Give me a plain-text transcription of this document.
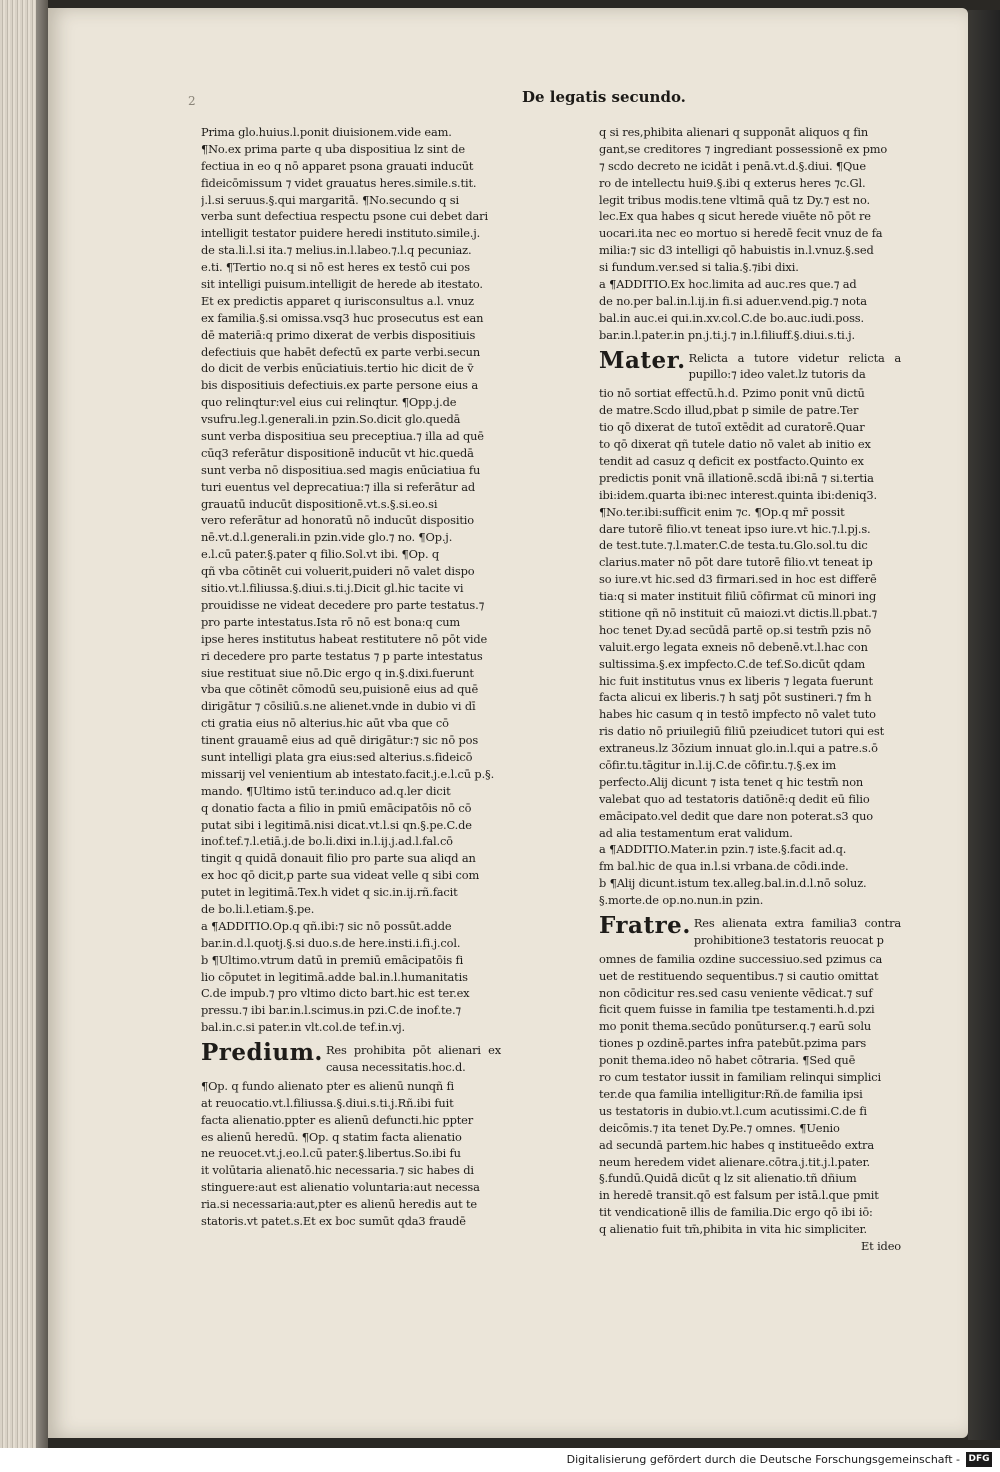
De legatis secundo.
2
Prima glo.huius.l.ponit diuisionem.vide eam.
¶No.ex prima parte q uba dispositiua lz sint de
fectiua in eo q nō apparet psona grauati inducūt
fideicōmissum ⁊ videt grauatus heres.simile.s.tit.
j.l.si seruus.§.qui margaritā. ¶No.secundo q si
verba sunt defectiua respectu psone cui debet dari
intelligit testator puidere heredi instituto.simile.j.
de sta.li.l.si ita.⁊ melius.in.l.labeo.⁊.l.q pecuniaz.
e.ti. ¶Tertio no.q si nō est heres ex testō cui pos
sit intelligi puisum.intelligit de herede ab itestato.
Et ex predictis apparet q iurisconsultus a.l. vnuz
ex familia.§.si omissa.vsq3 huc prosecutus est ean
dē materiā:q primo dixerat de verbis dispositiuis
defectiuis que habēt defectū ex parte verbi.secun
do dicit de verbis enūciatiuis.tertio hic dicit de v̄
bis dispositiuis defectiuis.ex parte persone eius a
quo relinqtur:vel eius cui relinqtur. ¶Opp.j.de
vsufru.leg.l.generali.in pzin.So.dicit glo.quedā
sunt verba dispositiua seu preceptiua.⁊ illa ad quē
cūq3 referātur dispositionē inducūt vt hic.quedā
sunt verba nō dispositiua.sed magis enūciatiua fu
turi euentus vel deprecatiua:⁊ illa si referātur ad
grauatū inducūt dispositionē.vt.s.§.si.eo.si
vero referātur ad honoratū nō inducūt dispositio
nē.vt.d.l.generali.in pzin.vide glo.⁊ no. ¶Op.j.
e.l.cū pater.§.pater q filio.Sol.vt ibi. ¶Op. q
qñ vba cōtinēt cui voluerit,puideri nō valet dispo
sitio.vt.l.filiussa.§.diui.s.ti.j.Dicit gl.hic tacite vi
prouidisse ne videat decedere pro parte testatus.⁊
pro parte intestatus.Ista rō nō est bona:q cum
ipse heres institutus habeat restitutere nō pōt vide
ri decedere pro parte testatus ⁊ p parte intestatus
siue restituat siue nō.Dic ergo q in.§.dixi.fuerunt
vba que cōtinēt cōmodū seu,puisionē eius ad quē
dirigātur ⁊ cōsiliū.s.ne alienet.vnde in dubio vi dī
cti gratia eius nō alterius.hic aūt vba que cō
tinent grauamē eius ad quē dirigātur:⁊ sic nō pos
sunt intelligi plata gra eius:sed alterius.s.fideicō
missarij vel venientium ab intestato.facit.j.e.l.cū p.§.
mando. ¶Ultimo istū ter.induco ad.q.ler dicit
q donatio facta a filio in pmiū emācipatōis nō cō
putat sibi i legitimā.nisi dicat.vt.l.si qn.§.pe.C.de
inof.tef.⁊.l.etiā.j.de bo.li.dixi in.l.ij.j.ad.l.fal.cō
tingit q quidā donauit filio pro parte sua aliqd an
ex hoc qō dicit,p parte sua videat velle q sibi com
putet in legitimā.Tex.h videt q sic.in.ij.rñ.facit
de bo.li.l.etiam.§.pe.
a ¶ADDITIO.Op.q qñ.ibi:⁊ sic nō possūt.adde
bar.in.d.l.quotj.§.si duo.s.de here.insti.i.fi.j.col.
b ¶Ultimo.vtrum datū in premiū emācipatōis fi
lio cōputet in legitimā.adde bal.in.l.humanitatis
C.de impub.⁊ pro vltimo dicto bart.hic est ter.ex
pressu.⁊ ibi bar.in.l.scimus.in pzi.C.de inof.te.⁊
bal.in.c.si pater.in vlt.col.de tef.in.vj.
Predium. Res prohibita pōt alienari ex causa necessitatis.hoc.d.
¶Op. q fundo alienato pter es alienū nunqñ fi
at reuocatio.vt.l.filiussa.§.diui.s.ti.j.Rñ.ibi fuit
facta alienatio.ppter es alienū defuncti.hic ppter
es alienū heredū. ¶Op. q statim facta alienatio
ne reuocet.vt.j.eo.l.cū pater.§.libertus.So.ibi fu
it volūtaria alienatō.hic necessaria.⁊ sic habes di
stinguere:aut est alienatio voluntaria:aut necessa
ria.si necessaria:aut,pter es alienū heredis aut te
statoris.vt patet.s.Et ex boc sumūt qda3 fraudē
q si res,phibita alienari q supponāt aliquos q fin
gant,se creditores ⁊ ingrediant possessionē ex pmo
⁊ scdo decreto ne icidāt i penā.vt.d.§.diui. ¶Que
ro de intellectu hui9.§.ibi q exterus heres ⁊c.Gl.
legit tribus modis.tene vltimā quā tz Dy.⁊ est no.
lec.Ex qua habes q sicut herede viuēte nō pōt re
uocari.ita nec eo mortuo si heredē fecit vnuz de fa
milia:⁊ sic d3 intelligi qō habuistis in.l.vnuz.§.sed
si fundum.ver.sed si talia.§.⁊ibi dixi.
a ¶ADDITIO.Ex hoc.limita ad auc.res que.⁊ ad
de no.per bal.in.l.ij.in fi.si aduer.vend.pig.⁊ nota
bal.in auc.ei qui.in.xv.col.C.de bo.auc.iudi.poss.
bar.in.l.pater.in pn.j.ti.j.⁊ in.l.filiuff.§.diui.s.ti.j.
Mater. Relicta a tutore videtur relicta a pupillo:⁊ ideo valet.lz tutoris da
tio nō sortiat effectū.h.d. Pzimo ponit vnū dictū
de matre.Scdo illud,pbat p simile de patre.Ter
tio qō dixerat de tutoī extēdit ad curatorē.Quar
to qō dixerat qñ tutele datio nō valet ab initio ex
tendit ad casuz q deficit ex postfacto.Quinto ex
predictis ponit vnā illationē.scdā ibi:nā ⁊ si.tertia
ibi:idem.quarta ibi:nec interest.quinta ibi:deniq3.
¶No.ter.ibi:sufficit enim ⁊c. ¶Op.q mr̄ possit
dare tutorē filio.vt teneat ipso iure.vt hic.⁊.l.pj.s.
de test.tute.⁊.l.mater.C.de testa.tu.Glo.sol.tu dic
clarius.mater nō pōt dare tutorē filio.vt teneat ip
so iure.vt hic.sed d3 firmari.sed in hoc est differē
tia:q si mater instituit filiū cōfirmat cū minori ing
stitione qñ nō instituit cū maiozi.vt dictis.ll.pbat.⁊
hoc tenet Dy.ad secūdā partē op.si testm̄ pzis nō
valuit.ergo legata exneis nō debenē.vt.l.hac con
sultissima.§.ex impfecto.C.de tef.So.dicūt qdam
hic fuit institutus vnus ex liberis ⁊ legata fuerunt
facta alicui ex liberis.⁊ h satj pōt sustineri.⁊ fm h
habes hic casum q in testō impfecto nō valet tuto
ris datio nō priuilegiū filiū pzeiudicet tutori qui est
extraneus.lz 3ōzium innuat glo.in.l.qui a patre.s.ō
cōfir.tu.tāgitur in.l.ij.C.de cōfir.tu.⁊.§.ex im
perfecto.Alij dicunt ⁊ ista tenet q hic testm̄ non
valebat quo ad testatoris datiōnē:q dedit eū filio
emācipato.vel dedit que dare non poterat.s3 quo
ad alia testamentum erat validum.
a ¶ADDITIO.Mater.in pzin.⁊ iste.§.facit ad.q.
fm bal.hic de qua in.l.si vrbana.de cōdi.inde.
b ¶Alij dicunt.istum tex.alleg.bal.in.d.l.nō soluz.
§.morte.de op.no.nun.in pzin.
Fratre. Res alienata extra familia3 contra prohibitione3 testatoris reuocat p
omnes de familia ozdine successiuo.sed pzimus ca
uet de restituendo sequentibus.⁊ si cautio omittat
non cōdicitur res.sed casu veniente vēdicat.⁊ suf
ficit quem fuisse in familia tpe testamenti.h.d.pzi
mo ponit thema.secūdo ponūturser.q.⁊ earū solu
tiones p ozdinē.partes infra patebūt.pzima pars
ponit thema.ideo nō habet cōtraria. ¶Sed quē
ro cum testator iussit in familiam relinqui simplici
ter.de qua familia intelligitur:Rñ.de familia ipsi
us testatoris in dubio.vt.l.cum acutissimi.C.de fi
deicōmis.⁊ ita tenet Dy.Pe.⁊ omnes. ¶Uenio
ad secundā partem.hic habes q institueēdo extra
neum heredem videt alienare.cōtra.j.tit.j.l.pater.
§.fundū.Quidā dicūt q lz sit alienatio.tñ dñium
in heredē transit.qō est falsum per istā.l.que pmit
tit vendicationē illis de familia.Dic ergo qō ibi iō:
q alienatio fuit tm̄,phibita in vita hic simpliciter.
Et ideo
Digitalisierung gefördert durch die Deutsche Forschungsgemeinschaft - DFG
